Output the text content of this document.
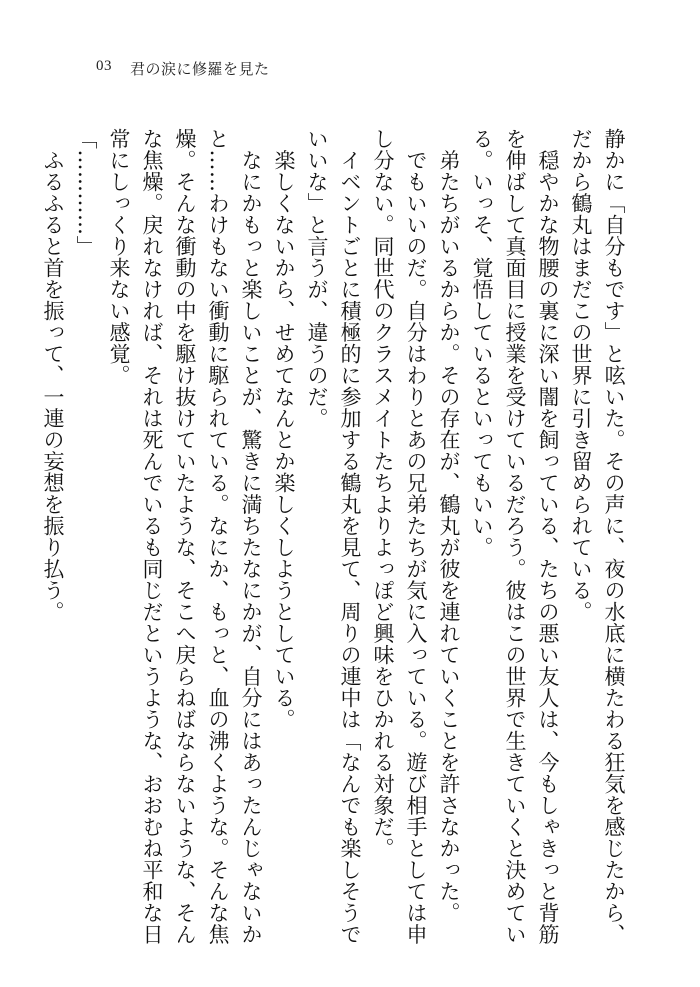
03 君の涙に修羅を見た

静かに「自分もです」と呟いた。その声に、夜の水底に横たわる狂気を感じたから、だから鶴丸はまだこの世界に引き留められている。

　穏やかな物腰の裏に深い闇を飼っている、たちの悪い友人は、今もしゃきっと背筋を伸ばして真面目に授業を受けているだろう。彼はこの世界で生きていくと決めている。いっそ、覚悟しているといってもいい。

　弟たちがいるからか。その存在が、鶴丸が彼を連れていくことを許さなかった。

　でもいいのだ。自分はわりとあの兄弟たちが気に入っている。遊び相手としては申し分ない。同世代のクラスメイトたちよりよっぽど興味をひかれる対象だ。

　イベントごとに積極的に参加する鶴丸を見て、周りの連中は「なんでも楽しそうでいいな」と言うが、違うのだ。

　楽しくないから、せめてなんとか楽しくしようとしている。

　なにかもっと楽しいことが、驚きに満ちたなにかが、自分にはあったんじゃないかと……わけもない衝動に駆られている。なにか、もっと、血の沸くような。そんな焦燥。そんな衝動の中を駆け抜けていたような、そこへ戻らねばならないような、そんな焦燥。戻れなければ、それは死んでいるも同じだというような、おおむね平和な日常にしっくり来ない感覚。

「…………」

　ふるふると首を振って、一連の妄想を振り払う。
